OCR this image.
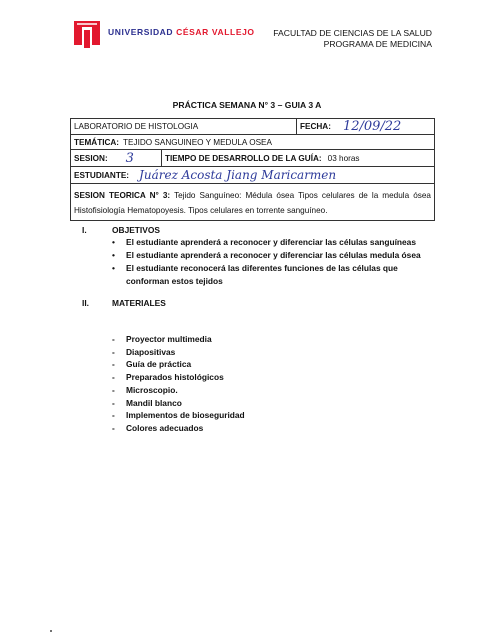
UNIVERSIDAD CÉSAR VALLEJO	FACULTAD DE CIENCIAS DE LA SALUD
PROGRAMA DE MEDICINA
PRÁCTICA SEMANA N° 3 – GUIA 3 A
LABORATORIO DE HISTOLOGIA	FECHA: 12/09/22
TEMÁTICA: TEJIDO SANGUINEO Y MEDULA OSEA
SESION: 3	TIEMPO DE DESARROLLO DE LA GUÍA: 03 horas
ESTUDIANTE: Juárez Acosta Jiang Maricarmen
SESION TEORICA N° 3: Tejido Sanguíneo: Médula ósea Tipos celulares de la medula ósea Histofisiología Hematopoyesis. Tipos celulares en torrente sanguíneo.
I.	OBJETIVOS
• El estudiante aprenderá a reconocer y diferenciar las células sanguíneas
• El estudiante aprenderá a reconocer y diferenciar las células medula ósea
• El estudiante reconocerá las diferentes funciones de las células que conforman estos tejidos
II.	MATERIALES
- Proyector multimedia
- Diapositivas
- Guía de práctica
- Preparados histológicos
- Microscopio.
- Mandil blanco
- Implementos de bioseguridad
- Colores adecuados
